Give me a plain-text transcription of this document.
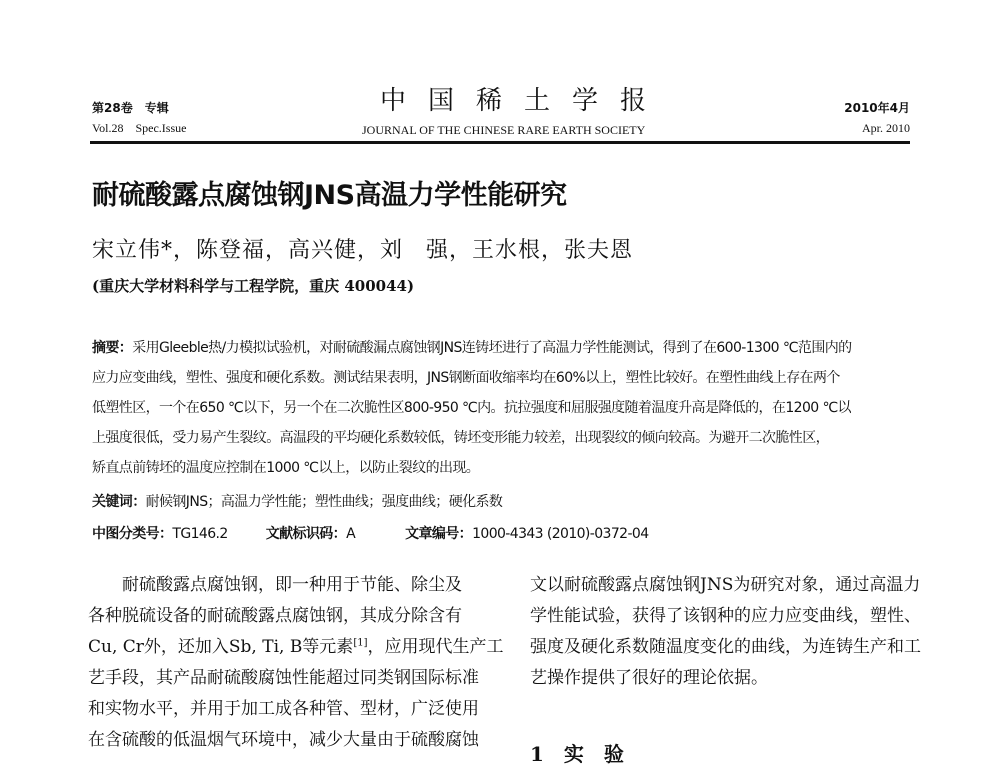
第28卷　专辑
Vol.28　Spec.Issue
中国稀土学报
JOURNAL OF THE CHINESE RARE EARTH SOCIETY
2010年4月
Apr. 2010
耐硫酸露点腐蚀钢JNS高温力学性能研究
宋立伟*，陈登福，高兴健，刘　强，王水根，张夫恩
(重庆大学材料科学与工程学院，重庆 400044)
摘要：采用Gleeble热/力模拟试验机，对耐硫酸漏点腐蚀钢JNS连铸坯进行了高温力学性能测试，得到了在600-1300 ℃范围内的
应力应变曲线，塑性、强度和硬化系数。测试结果表明，JNS钢断面收缩率均在60%以上，塑性比较好。在塑性曲线上存在两个
低塑性区，一个在650 ℃以下，另一个在二次脆性区800-950 ℃内。抗拉强度和屈服强度随着温度升高是降低的，在1200 ℃以
上强度很低，受力易产生裂纹。高温段的平均硬化系数较低，铸坯变形能力较差，出现裂纹的倾向较高。为避开二次脆性区，
矫直点前铸坯的温度应控制在1000 ℃以上，以防止裂纹的出现。
关键词：耐候钢JNS；高温力学性能；塑性曲线；强度曲线；硬化系数
中图分类号：TG146.2	文献标识码：A	文章编号：1000-4343 (2010)-0372-04
　　耐硫酸露点腐蚀钢，即一种用于节能、除尘及
各种脱硫设备的耐硫酸露点腐蚀钢，其成分除含有
Cu, Cr外，还加入Sb, Ti, B等元素[1]，应用现代生产工
艺手段，其产品耐硫酸腐蚀性能超过同类钢国际标准
和实物水平，并用于加工成各种管、型材，广泛使用
在含硫酸的低温烟气环境中，减少大量由于硫酸腐蚀
文以耐硫酸露点腐蚀钢JNS为研究对象，通过高温力
学性能试验，获得了该钢种的应力应变曲线，塑性、
强度及硬化系数随温度变化的曲线，为连铸生产和工
艺操作提供了很好的理论依据。
1　实　验
